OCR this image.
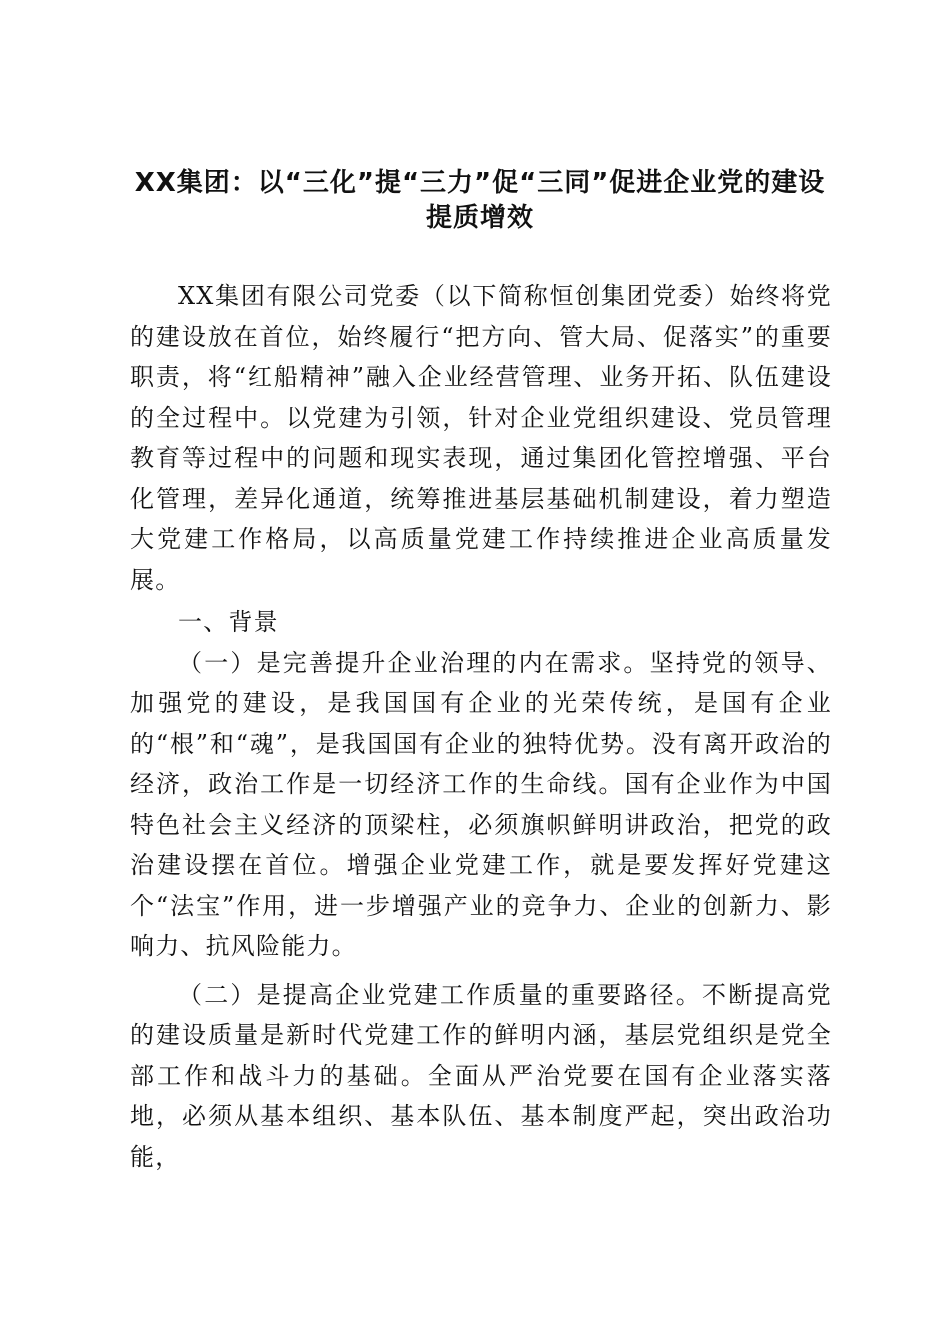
XX集团：以“三化”提“三力”促“三同”促进企业党的建设
提质增效

XX集团有限公司党委（以下简称恒创集团党委）始终将党的建设放在首位，始终履行“把方向、管大局、促落实”的重要职责，将“红船精神”融入企业经营管理、业务开拓、队伍建设的全过程中。以党建为引领，针对企业党组织建设、党员管理教育等过程中的问题和现实表现，通过集团化管控增强、平台化管理，差异化通道，统筹推进基层基础机制建设，着力塑造大党建工作格局，以高质量党建工作持续推进企业高质量发展。

一、背景

（一）是完善提升企业治理的内在需求。坚持党的领导、加强党的建设，是我国国有企业的光荣传统，是国有企业的“根”和“魂”，是我国国有企业的独特优势。没有离开政治的经济，政治工作是一切经济工作的生命线。国有企业作为中国特色社会主义经济的顶梁柱，必须旗帜鲜明讲政治，把党的政治建设摆在首位。增强企业党建工作，就是要发挥好党建这个“法宝”作用，进一步增强产业的竞争力、企业的创新力、影响力、抗风险能力。

（二）是提高企业党建工作质量的重要路径。不断提高党的建设质量是新时代党建工作的鲜明内涵，基层党组织是党全部工作和战斗力的基础。全面从严治党要在国有企业落实落地，必须从基本组织、基本队伍、基本制度严起，突出政治功能，
